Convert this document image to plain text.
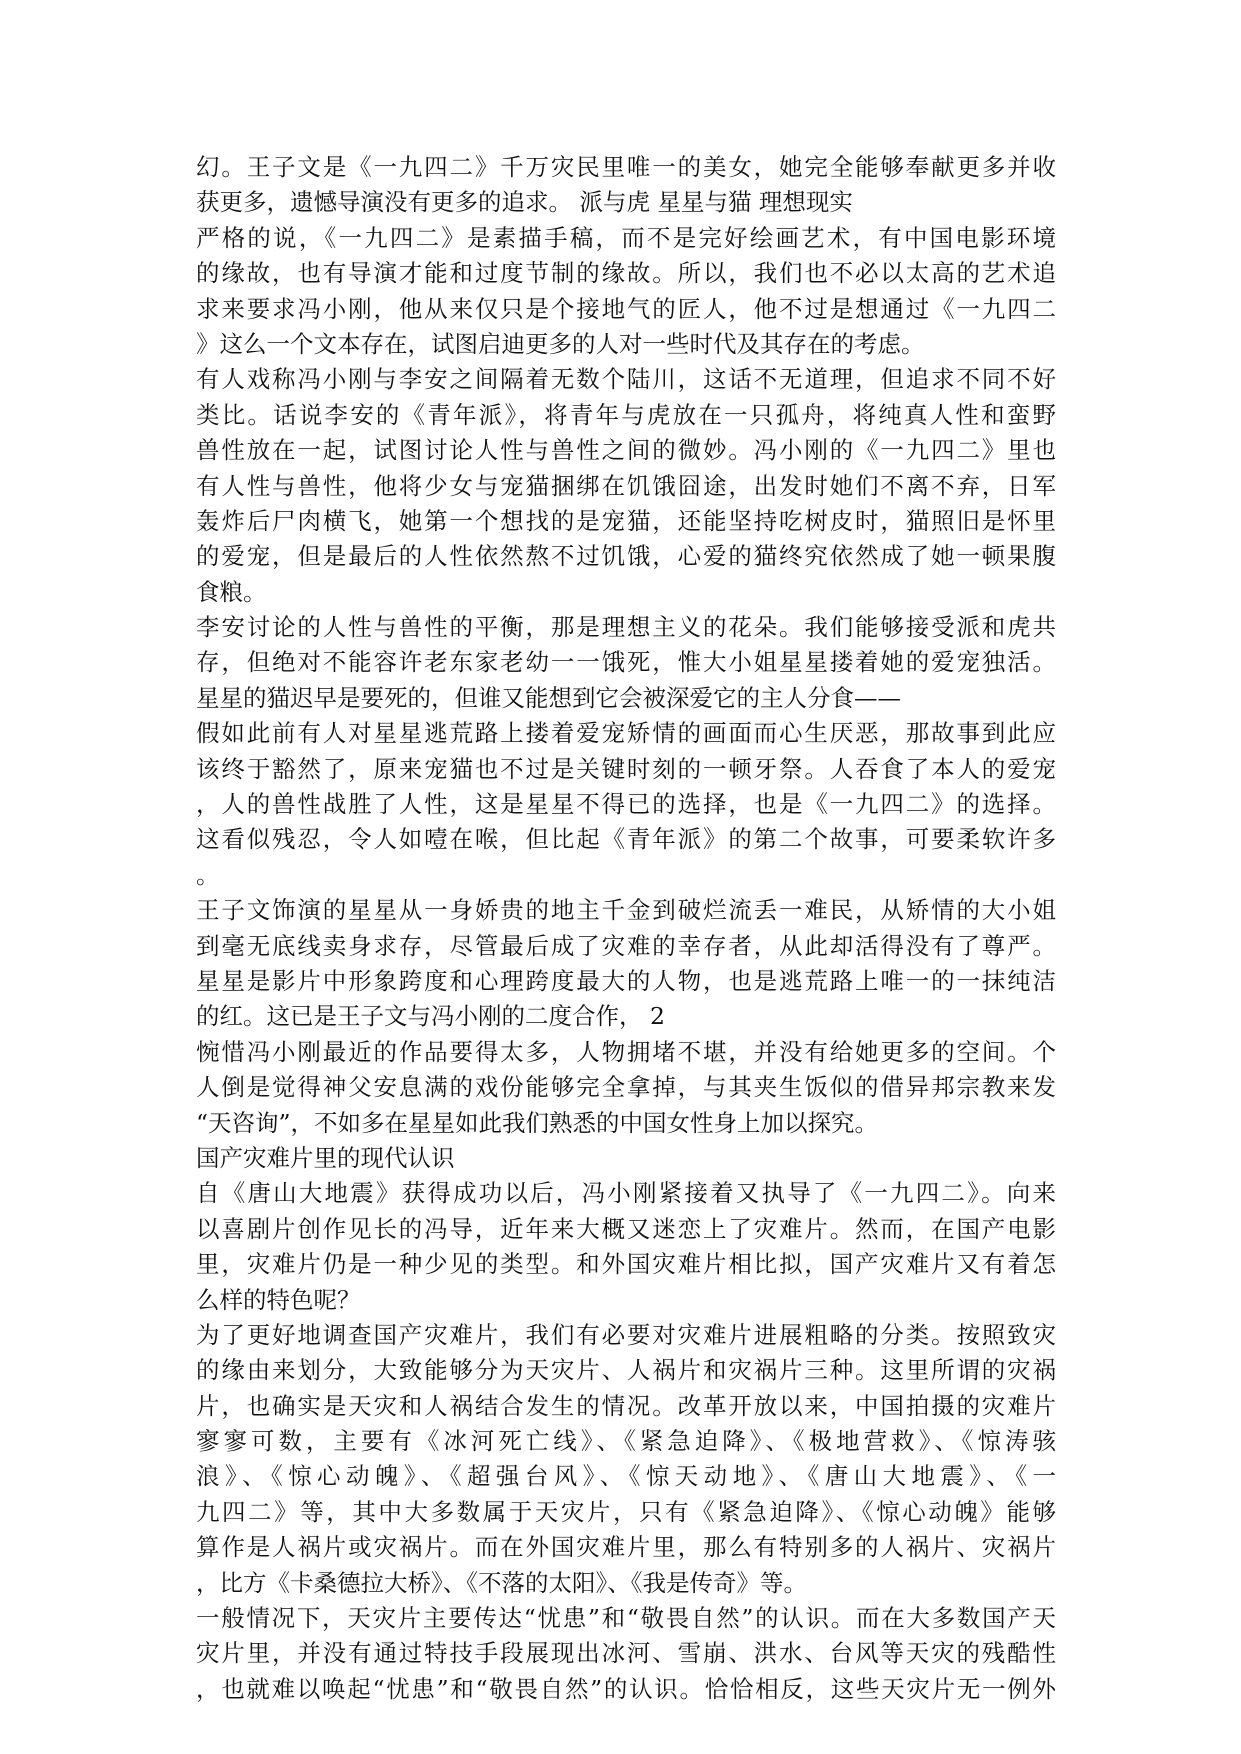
幻。王子文是《一九四二》千万灾民里唯一的美女，她完全能够奉献更多并收
获更多，遗憾导演没有更多的追求。 派与虎 星星与猫 理想现实
严格的说，《一九四二》是素描手稿，而不是完好绘画艺术，有中国电影环境
的缘故，也有导演才能和过度节制的缘故。所以，我们也不必以太高的艺术追
求来要求冯小刚，他从来仅只是个接地气的匠人，他不过是想通过《一九四二
》这么一个文本存在，试图启迪更多的人对一些时代及其存在的考虑。
有人戏称冯小刚与李安之间隔着无数个陆川，这话不无道理，但追求不同不好
类比。话说李安的《青年派》，将青年与虎放在一只孤舟，将纯真人性和蛮野
兽性放在一起，试图讨论人性与兽性之间的微妙。冯小刚的《一九四二》里也
有人性与兽性，他将少女与宠猫捆绑在饥饿囧途，出发时她们不离不弃，日军
轰炸后尸肉横飞，她第一个想找的是宠猫，还能坚持吃树皮时，猫照旧是怀里
的爱宠，但是最后的人性依然熬不过饥饿，心爱的猫终究依然成了她一顿果腹
食粮。
李安讨论的人性与兽性的平衡，那是理想主义的花朵。我们能够接受派和虎共
存，但绝对不能容许老东家老幼一一饿死，惟大小姐星星搂着她的爱宠独活。
星星的猫迟早是要死的，但谁又能想到它会被深爱它的主人分食——
假如此前有人对星星逃荒路上搂着爱宠矫情的画面而心生厌恶，那故事到此应
该终于豁然了，原来宠猫也不过是关键时刻的一顿牙祭。人吞食了本人的爱宠
，人的兽性战胜了人性，这是星星不得已的选择，也是《一九四二》的选择。
这看似残忍，令人如噎在喉，但比起《青年派》的第二个故事，可要柔软许多
。
王子文饰演的星星从一身娇贵的地主千金到破烂流丢一难民，从矫情的大小姐
到毫无底线卖身求存，尽管最后成了灾难的幸存者，从此却活得没有了尊严。
星星是影片中形象跨度和心理跨度最大的人物，也是逃荒路上唯一的一抹纯洁
的红。这已是王子文与冯小刚的二度合作， 2
惋惜冯小刚最近的作品要得太多，人物拥堵不堪，并没有给她更多的空间。个
人倒是觉得神父安息满的戏份能够完全拿掉，与其夹生饭似的借异邦宗教来发
“天咨询”，不如多在星星如此我们熟悉的中国女性身上加以探究。
国产灾难片里的现代认识
自《唐山大地震》获得成功以后，冯小刚紧接着又执导了《一九四二》。向来
以喜剧片创作见长的冯导，近年来大概又迷恋上了灾难片。然而，在国产电影
里，灾难片仍是一种少见的类型。和外国灾难片相比拟，国产灾难片又有着怎
么样的特色呢？
为了更好地调查国产灾难片，我们有必要对灾难片进展粗略的分类。按照致灾
的缘由来划分，大致能够分为天灾片、人祸片和灾祸片三种。这里所谓的灾祸
片，也确实是天灾和人祸结合发生的情况。改革开放以来，中国拍摄的灾难片
寥寥可数，主要有《冰河死亡线》、《紧急迫降》、《极地营救》、《惊涛骇
浪》、《惊心动魄》、《超强台风》、《惊天动地》、《唐山大地震》、《一
九四二》等，其中大多数属于天灾片，只有《紧急迫降》、《惊心动魄》能够
算作是人祸片或灾祸片。而在外国灾难片里，那么有特别多的人祸片、灾祸片
，比方《卡桑德拉大桥》、《不落的太阳》、《我是传奇》等。
一般情况下，天灾片主要传达“忧患”和“敬畏自然”的认识。而在大多数国产天
灾片里，并没有通过特技手段展现出冰河、雪崩、洪水、台风等天灾的残酷性
，也就难以唤起“忧患”和“敬畏自然”的认识。恰恰相反，这些天灾片无一例外
